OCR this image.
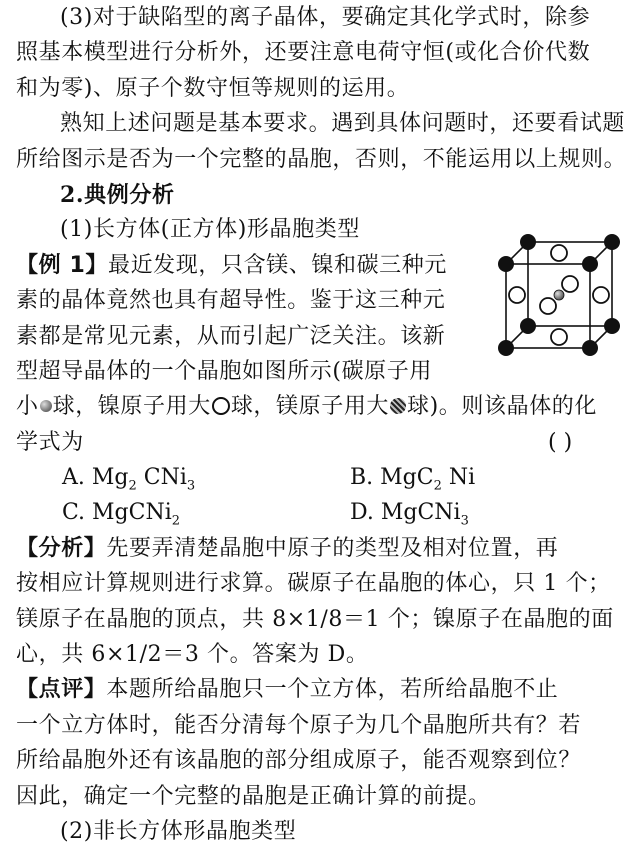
(3)对于缺陷型的离子晶体，要确定其化学式时，除参
照基本模型进行分析外，还要注意电荷守恒(或化合价代数
和为零)、原子个数守恒等规则的运用。
熟知上述问题是基本要求。遇到具体问题时，还要看试题
所给图示是否为一个完整的晶胞，否则，不能运用以上规则。
2.典例分析
(1)长方体(正方体)形晶胞类型
【例 1】最近发现，只含镁、镍和碳三种元
素的晶体竟然也具有超导性。鉴于这三种元
素都是常见元素，从而引起广泛关注。该新
型超导晶体的一个晶胞如图所示(碳原子用
小 球，镍原子用大 球，镁原子用大 球)。则该晶体的化
学式为	( )
A. $Mg_2$ CNi$_3$	B. MgC$_2$ Ni
C. MgCNi$_2$	D. MgCNi$_3$
【分析】先要弄清楚晶胞中原子的类型及相对位置，再
按相应计算规则进行求算。碳原子在晶胞的体心，只 1 个；
镁原子在晶胞的顶点，共 8×1/8＝1 个；镍原子在晶胞的面
心，共 6×1/2＝3 个。答案为 D。
【点评】本题所给晶胞只一个立方体，若所给晶胞不止
一个立方体时，能否分清每个原子为几个晶胞所共有？若
所给晶胞外还有该晶胞的部分组成原子，能否观察到位？
因此，确定一个完整的晶胞是正确计算的前提。
(2)非长方体形晶胞类型
